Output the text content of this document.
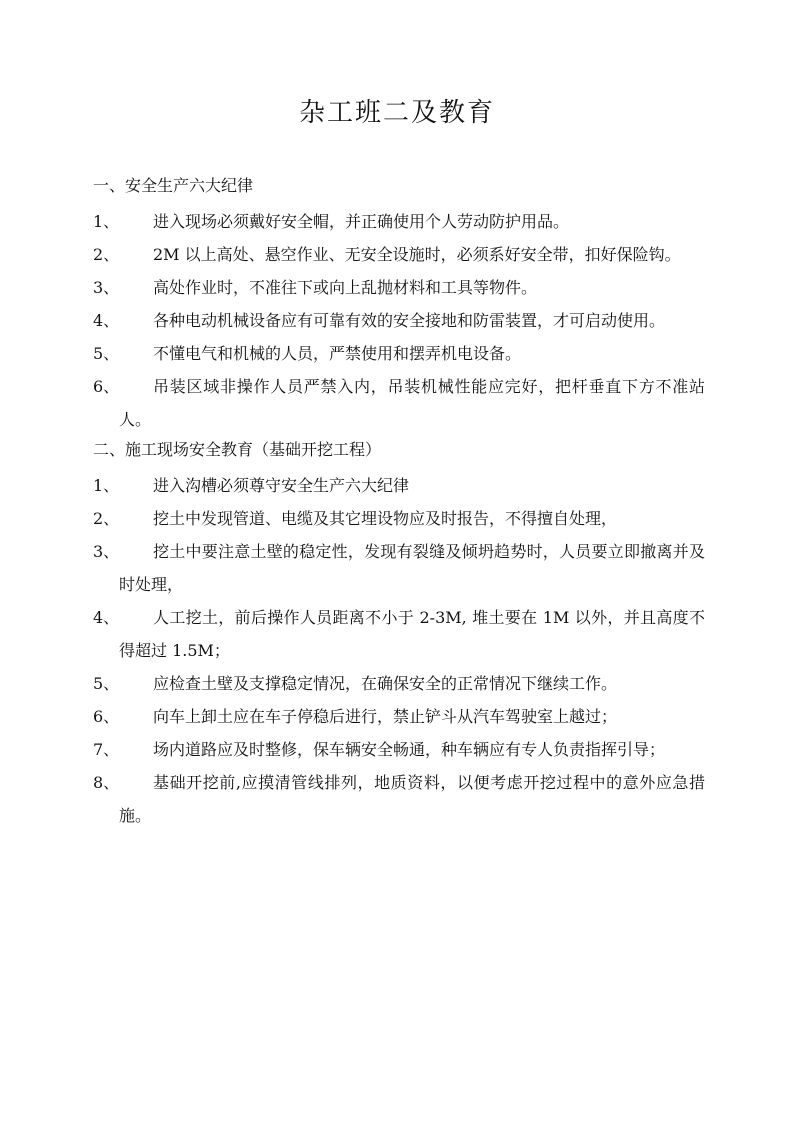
杂工班二及教育
一、安全生产六大纪律
1、	进入现场必须戴好安全帽，并正确使用个人劳动防护用品。
2、	2M 以上高处、悬空作业、无安全设施时，必须系好安全带，扣好保险钩。
3、	高处作业时，不准往下或向上乱抛材料和工具等物件。
4、	各种电动机械设备应有可靠有效的安全接地和防雷装置，才可启动使用。
5、	不懂电气和机械的人员，严禁使用和摆弄机电设备。
6、	吊装区域非操作人员严禁入内，吊装机械性能应完好，把杆垂直下方不准站人。
二、施工现场安全教育（基础开挖工程）
1、	进入沟槽必须尊守安全生产六大纪律
2、	挖土中发现管道、电缆及其它埋设物应及时报告，不得擅自处理，
3、	挖土中要注意土壁的稳定性，发现有裂缝及倾坍趋势时，人员要立即撤离并及时处理，
4、	人工挖土，前后操作人员距离不小于 2-3M, 堆土要在 1M 以外，并且高度不得超过 1.5M；
5、	应检查土壁及支撑稳定情况，在确保安全的正常情况下继续工作。
6、	向车上卸土应在车子停稳后进行，禁止铲斗从汽车驾驶室上越过；
7、	场内道路应及时整修，保车辆安全畅通，种车辆应有专人负责指挥引导；
8、	基础开挖前,应摸清管线排列，地质资料，以便考虑开挖过程中的意外应急措施。
